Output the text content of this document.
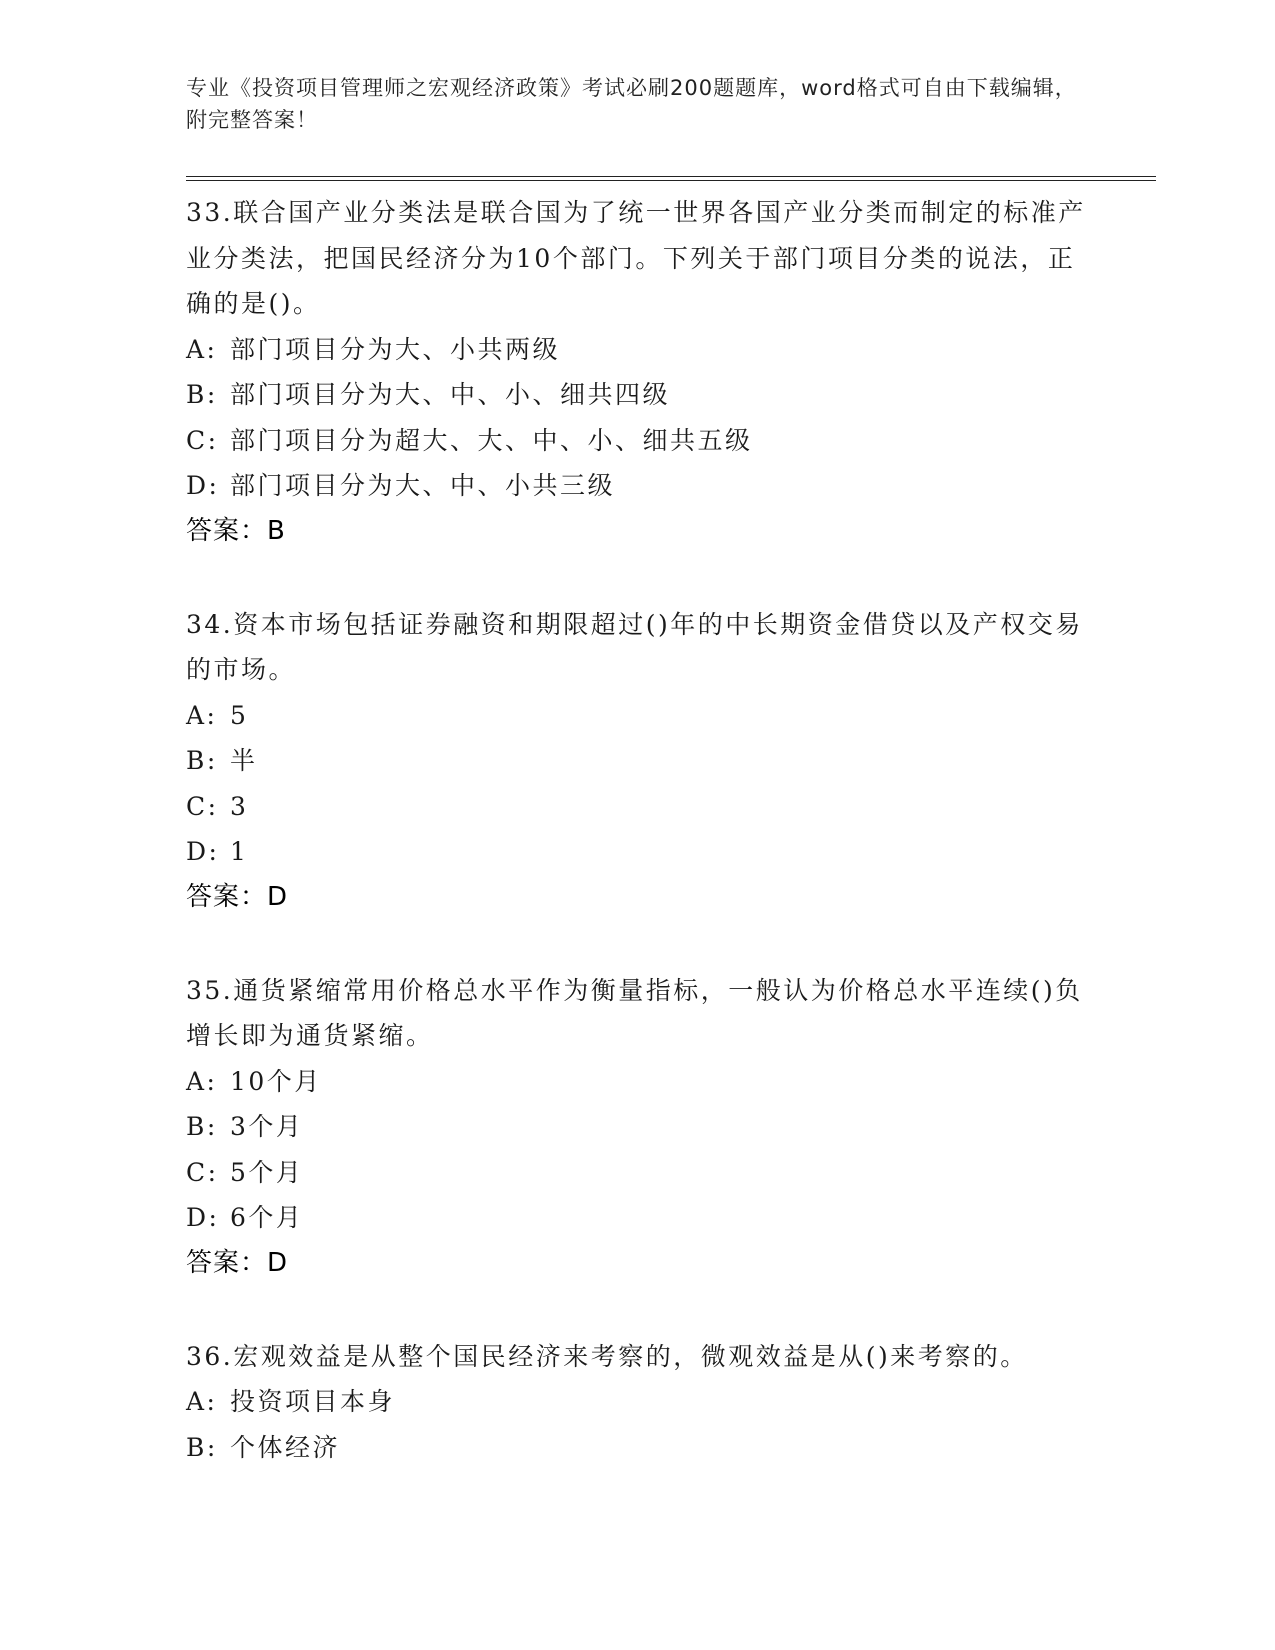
专业《投资项目管理师之宏观经济政策》考试必刷200题题库，word格式可自由下载编辑，附完整答案！
33.联合国产业分类法是联合国为了统一世界各国产业分类而制定的标准产业分类法，把国民经济分为10个部门。下列关于部门项目分类的说法，正确的是()。
A: 部门项目分为大、小共两级
B: 部门项目分为大、中、小、细共四级
C: 部门项目分为超大、大、中、小、细共五级
D: 部门项目分为大、中、小共三级
答案：B
34.资本市场包括证券融资和期限超过()年的中长期资金借贷以及产权交易的市场。
A: 5
B: 半
C: 3
D: 1
答案：D
35.通货紧缩常用价格总水平作为衡量指标，一般认为价格总水平连续()负增长即为通货紧缩。
A: 10个月
B: 3个月
C: 5个月
D: 6个月
答案：D
36.宏观效益是从整个国民经济来考察的，微观效益是从()来考察的。
A: 投资项目本身
B: 个体经济
